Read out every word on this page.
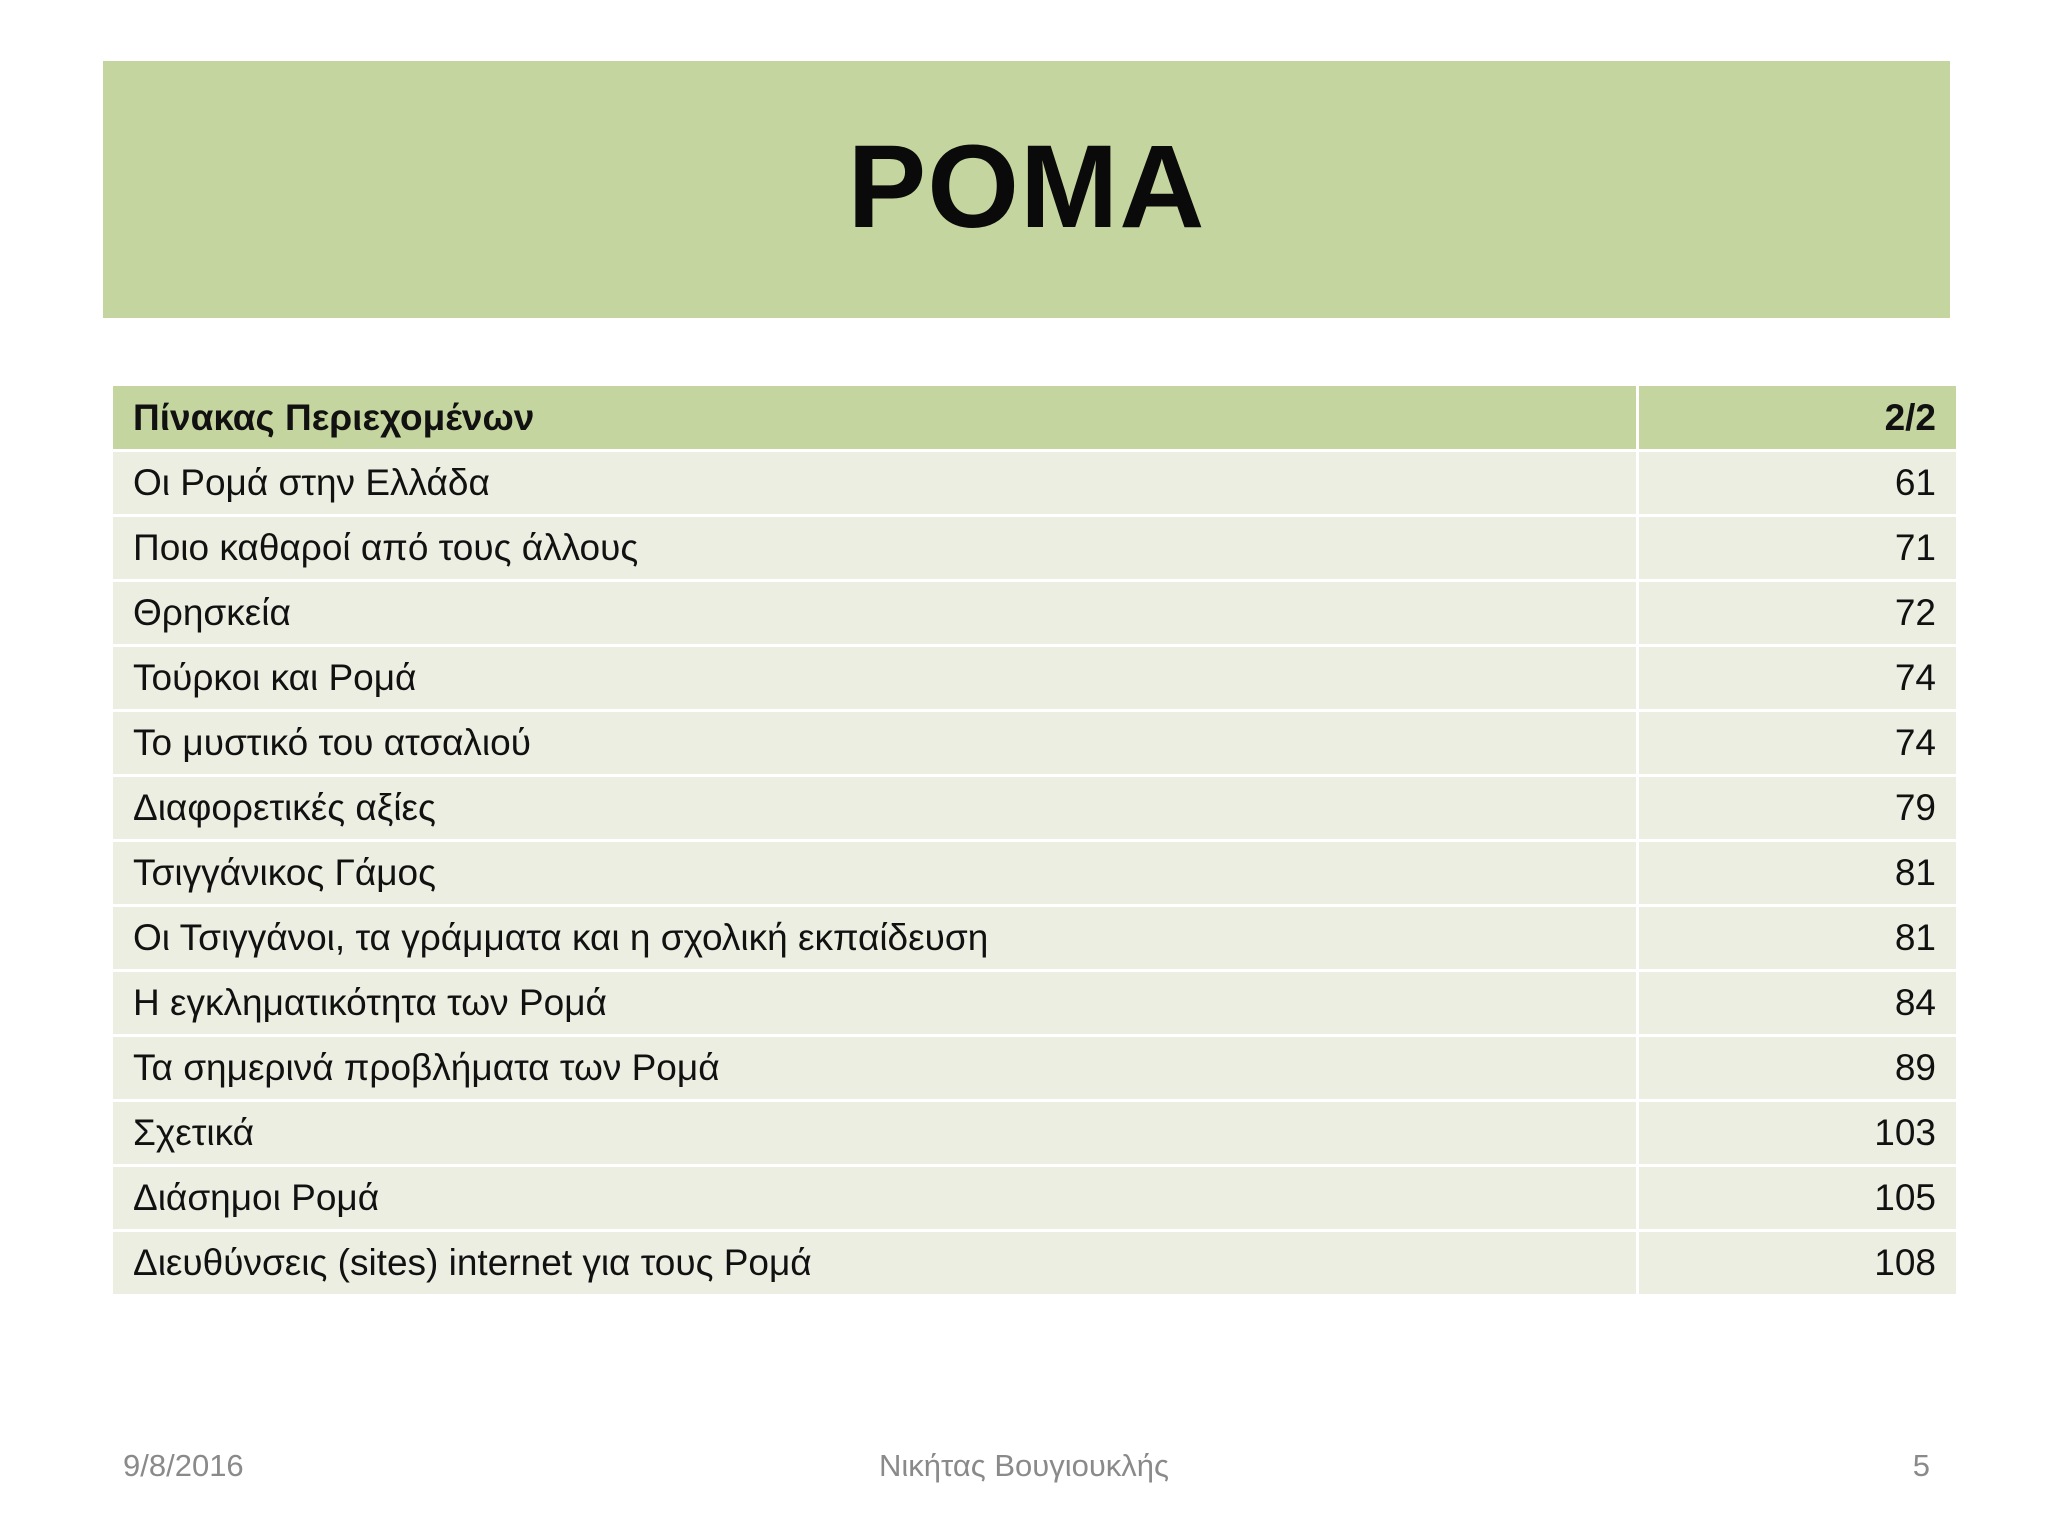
POMA
Πίνακας Περιεχομένων	2/2
Οι Ρομά στην Ελλάδα	61
Ποιο καθαροί από τους άλλους	71
Θρησκεία	72
Τούρκοι και Ρομά	74
Το μυστικό του ατσαλιού	74
Διαφορετικές αξίες	79
Τσιγγάνικος Γάμος	81
Οι Τσιγγάνοι, τα γράμματα και η σχολική εκπαίδευση	81
Η εγκληματικότητα των Ρομά	84
Τα σημερινά προβλήματα των Ρομά	89
Σχετικά	103
Διάσημοι Ρομά	105
Διευθύνσεις (sites) internet για τους Ρομά	108
9/8/2016	Νικήτας Βουγιουκλής	5
